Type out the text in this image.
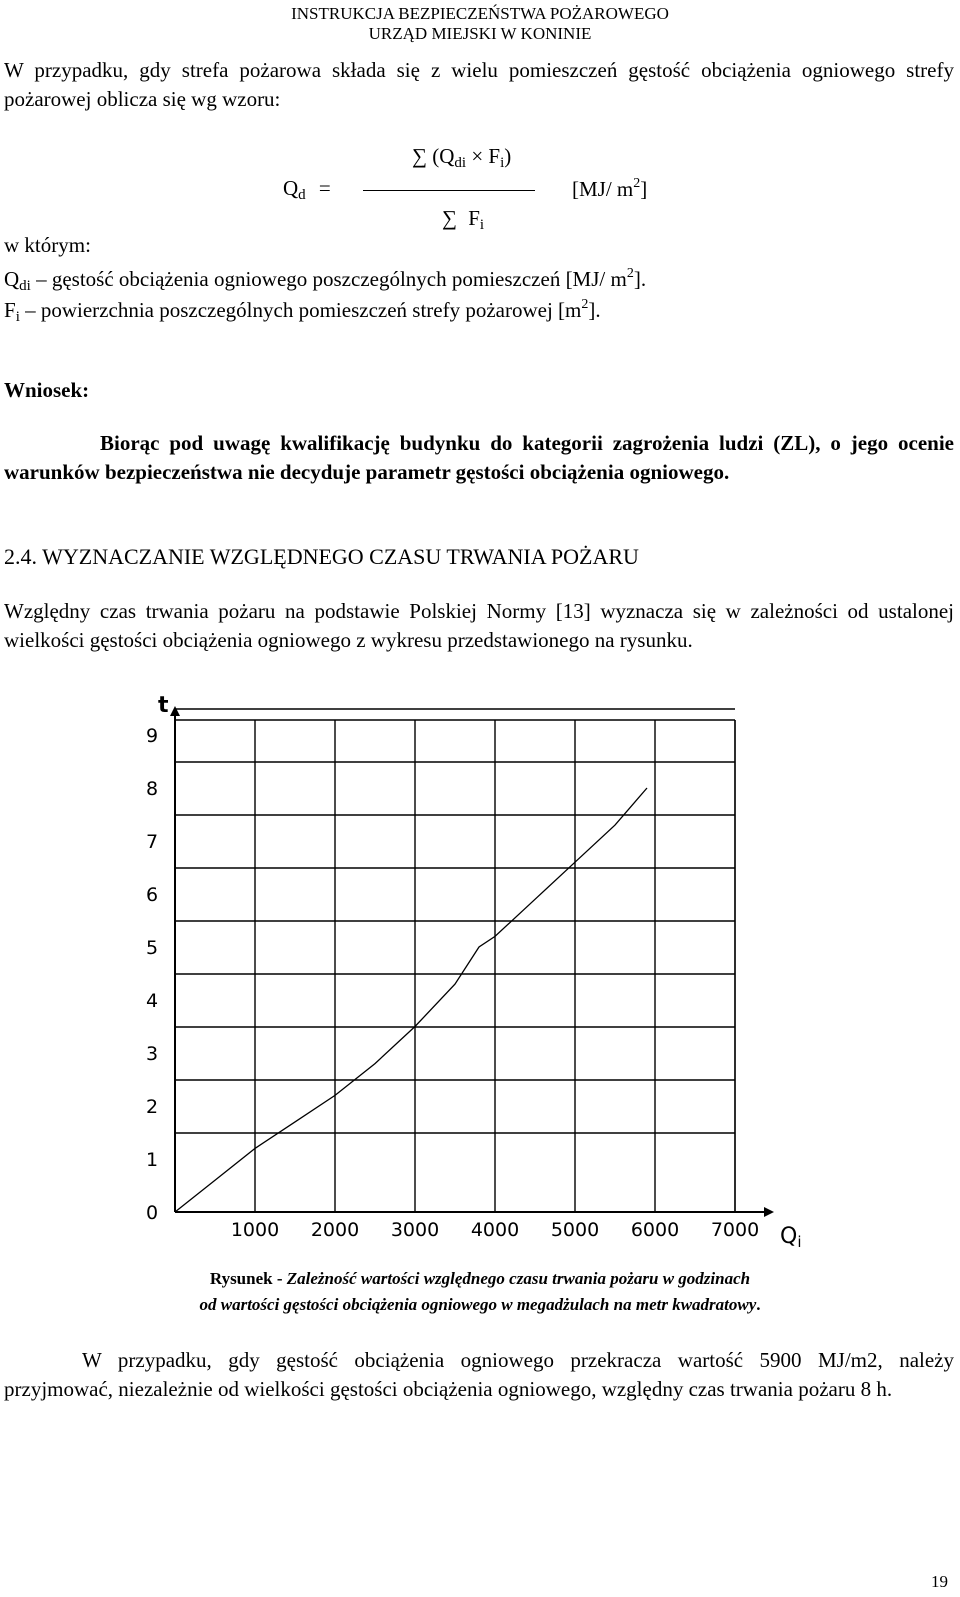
INSTRUKCJA BEZPIECZEŃSTWA POŻAROWEGO
URZĄD MIEJSKI W KONINIE
W przypadku, gdy strefa pożarowa składa się z wielu pomieszczeń gęstość obciążenia ogniowego strefy pożarowej oblicza się wg wzoru:
∑ $(Q_{di} \times F_i)$
$Q_d$ =	[MJ/ $m^2$]
∑ $F_i$
w którym:
$Q_{di}$ – gęstość obciążenia ogniowego poszczególnych pomieszczeń [MJ/ $m^2$].
$F_i$ – powierzchnia poszczególnych pomieszczeń strefy pożarowej $[m^2]$.
Wniosek:
Biorąc pod uwagę kwalifikację budynku do kategorii zagrożenia ludzi (ZL), o jego ocenie warunków bezpieczeństwa nie decyduje parametr gęstości obciążenia ogniowego.
2.4. WYZNACZANIE WZGLĘDNEGO CZASU TRWANIA POŻARU
Względny czas trwania pożaru na podstawie Polskiej Normy [13] wyznacza się w zależności od ustalonej wielkości gęstości obciążenia ogniowego z wykresu przedstawionego na rysunku.
0
1
2
3
4
5
6
7
8
9
1000 2000 3000 4000 5000 6000 7000
t
Qi
Rysunek - Zależność wartości względnego czasu trwania pożaru w godzinach
od wartości gęstości obciążenia ogniowego w megadżulach na metr kwadratowy.
W przypadku, gdy gęstość obciążenia ogniowego przekracza wartość 5900 MJ/m2, należy przyjmować, niezależnie od wielkości gęstości obciążenia ogniowego, względny czas trwania pożaru 8 h.
19
